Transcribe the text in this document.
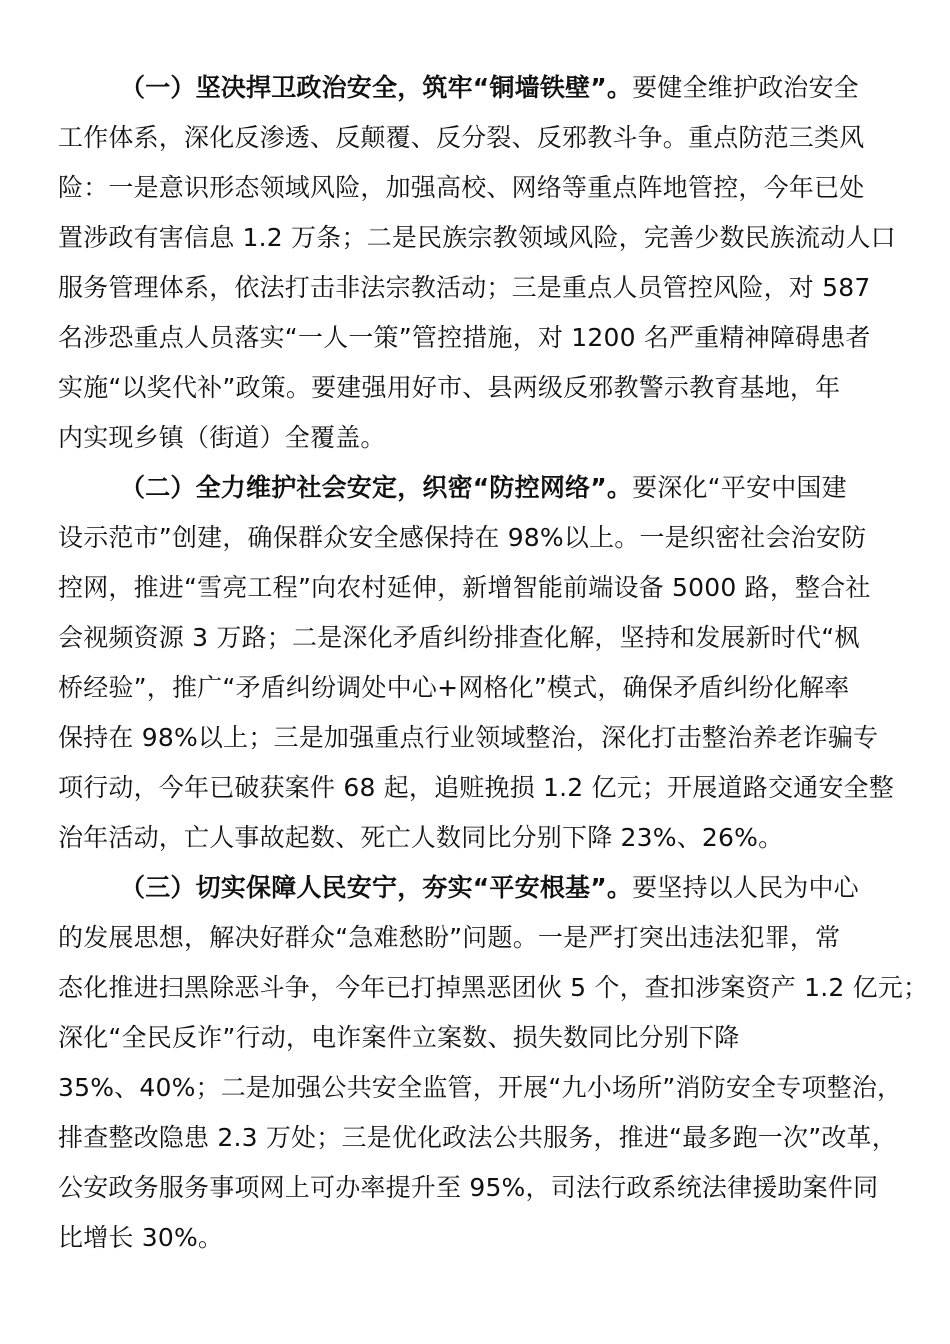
（一）坚决捍卫政治安全，筑牢“铜墙铁壁”。要健全维护政治安全
工作体系，深化反渗透、反颠覆、反分裂、反邪教斗争。重点防范三类风
险：一是意识形态领域风险，加强高校、网络等重点阵地管控，今年已处
置涉政有害信息 1.2 万条；二是民族宗教领域风险，完善少数民族流动人口
服务管理体系，依法打击非法宗教活动；三是重点人员管控风险，对 587
名涉恐重点人员落实“一人一策”管控措施，对 1200 名严重精神障碍患者
实施“以奖代补”政策。要建强用好市、县两级反邪教警示教育基地，年
内实现乡镇（街道）全覆盖。
（二）全力维护社会安定，织密“防控网络”。要深化“平安中国建
设示范市”创建，确保群众安全感保持在 98%以上。一是织密社会治安防
控网，推进“雪亮工程”向农村延伸，新增智能前端设备 5000 路，整合社
会视频资源 3 万路；二是深化矛盾纠纷排查化解，坚持和发展新时代“枫
桥经验”，推广“矛盾纠纷调处中心+网格化”模式，确保矛盾纠纷化解率
保持在 98%以上；三是加强重点行业领域整治，深化打击整治养老诈骗专
项行动，今年已破获案件 68 起，追赃挽损 1.2 亿元；开展道路交通安全整
治年活动，亡人事故起数、死亡人数同比分别下降 23%、26%。
（三）切实保障人民安宁，夯实“平安根基”。要坚持以人民为中心
的发展思想，解决好群众“急难愁盼”问题。一是严打突出违法犯罪，常
态化推进扫黑除恶斗争，今年已打掉黑恶团伙 5 个，查扣涉案资产 1.2 亿元；
深化“全民反诈”行动，电诈案件立案数、损失数同比分别下降
35%、40%；二是加强公共安全监管，开展“九小场所”消防安全专项整治，
排查整改隐患 2.3 万处；三是优化政法公共服务，推进“最多跑一次”改革，
公安政务服务事项网上可办率提升至 95%，司法行政系统法律援助案件同
比增长 30%。
